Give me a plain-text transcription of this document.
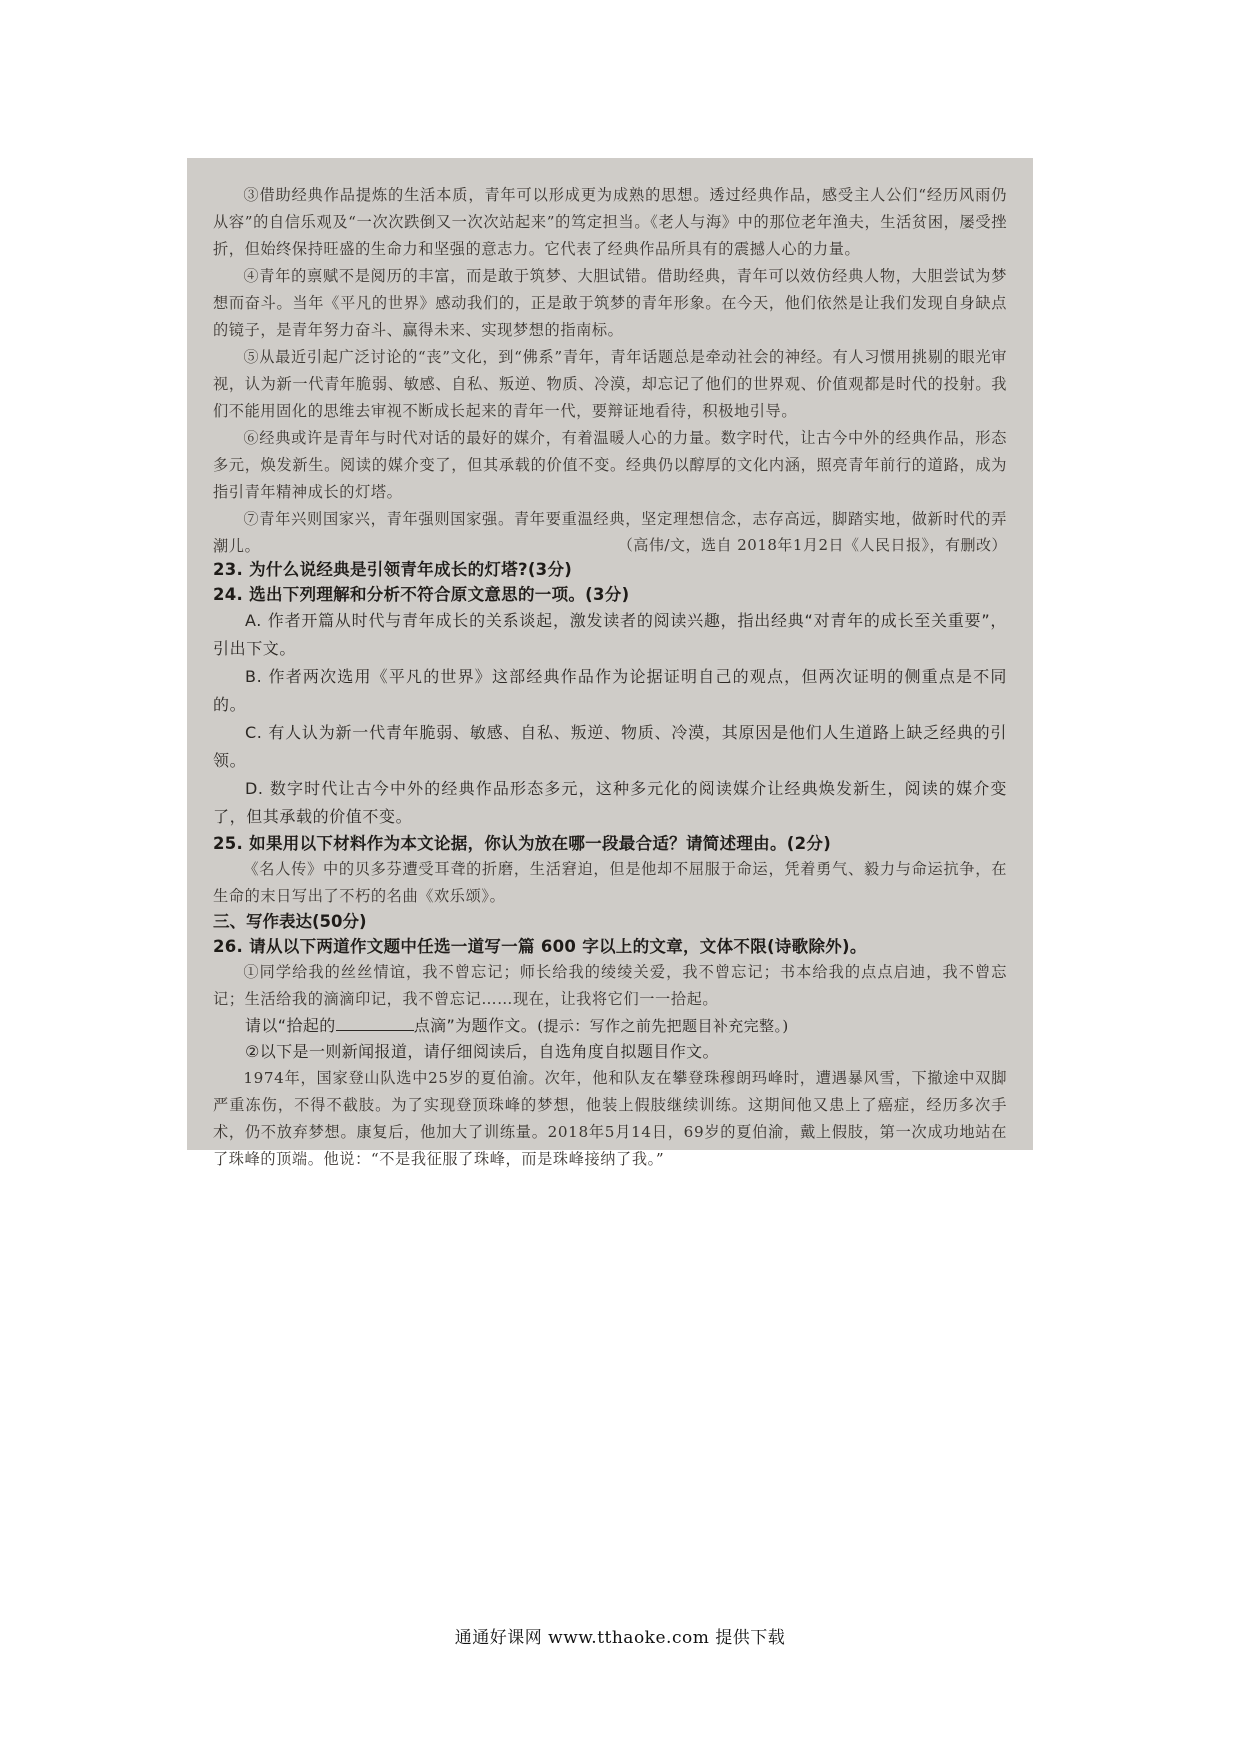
③借助经典作品提炼的生活本质，青年可以形成更为成熟的思想。透过经典作品，感受主人公们“经历风雨仍从容”的自信乐观及“一次次跌倒又一次次站起来”的笃定担当。《老人与海》中的那位老年渔夫，生活贫困，屡受挫折，但始终保持旺盛的生命力和坚强的意志力。它代表了经典作品所具有的震撼人心的力量。

④青年的禀赋不是阅历的丰富，而是敢于筑梦、大胆试错。借助经典，青年可以效仿经典人物，大胆尝试为梦想而奋斗。当年《平凡的世界》感动我们的，正是敢于筑梦的青年形象。在今天，他们依然是让我们发现自身缺点的镜子，是青年努力奋斗、赢得未来、实现梦想的指南标。

⑤从最近引起广泛讨论的“丧”文化，到“佛系”青年，青年话题总是牵动社会的神经。有人习惯用挑剔的眼光审视，认为新一代青年脆弱、敏感、自私、叛逆、物质、冷漠，却忘记了他们的世界观、价值观都是时代的投射。我们不能用固化的思维去审视不断成长起来的青年一代，要辩证地看待，积极地引导。

⑥经典或许是青年与时代对话的最好的媒介，有着温暖人心的力量。数字时代，让古今中外的经典作品，形态多元，焕发新生。阅读的媒介变了，但其承载的价值不变。经典仍以醇厚的文化内涵，照亮青年前行的道路，成为指引青年精神成长的灯塔。

⑦青年兴则国家兴，青年强则国家强。青年要重温经典，坚定理想信念，志存高远，脚踏实地，做新时代的弄潮儿。	（高伟/文，选自 2018年1月2日《人民日报》，有删改）

23. 为什么说经典是引领青年成长的灯塔?(3分)

24. 选出下列理解和分析不符合原文意思的一项。(3分)

A. 作者开篇从时代与青年成长的关系谈起，激发读者的阅读兴趣，指出经典“对青年的成长至关重要”，引出下文。

B. 作者两次选用《平凡的世界》这部经典作品作为论据证明自己的观点，但两次证明的侧重点是不同的。

C. 有人认为新一代青年脆弱、敏感、自私、叛逆、物质、冷漠，其原因是他们人生道路上缺乏经典的引领。

D. 数字时代让古今中外的经典作品形态多元，这种多元化的阅读媒介让经典焕发新生，阅读的媒介变了，但其承载的价值不变。

25. 如果用以下材料作为本文论据，你认为放在哪一段最合适？请简述理由。(2分)

《名人传》中的贝多芬遭受耳聋的折磨，生活窘迫，但是他却不屈服于命运，凭着勇气、毅力与命运抗争，在生命的末日写出了不朽的名曲《欢乐颂》。

三、写作表达(50分)

26. 请从以下两道作文题中任选一道写一篇 600 字以上的文章，文体不限(诗歌除外)。

①同学给我的丝丝情谊，我不曾忘记；师长给我的绫绫关爱，我不曾忘记；书本给我的点点启迪，我不曾忘记；生活给我的滴滴印记，我不曾忘记……现在，让我将它们一一拾起。

请以“拾起的	点滴”为题作文。(提示：写作之前先把题目补充完整。)

②以下是一则新闻报道，请仔细阅读后，自选角度自拟题目作文。

1974年，国家登山队选中25岁的夏伯渝。次年，他和队友在攀登珠穆朗玛峰时，遭遇暴风雪，下撤途中双脚严重冻伤，不得不截肢。为了实现登顶珠峰的梦想，他装上假肢继续训练。这期间他又患上了癌症，经历多次手术，仍不放弃梦想。康复后，他加大了训练量。2018年5月14日，69岁的夏伯渝，戴上假肢，第一次成功地站在了珠峰的顶端。他说：“不是我征服了珠峰，而是珠峰接纳了我。”

通通好课网 www.tthaoke.com 提供下载
